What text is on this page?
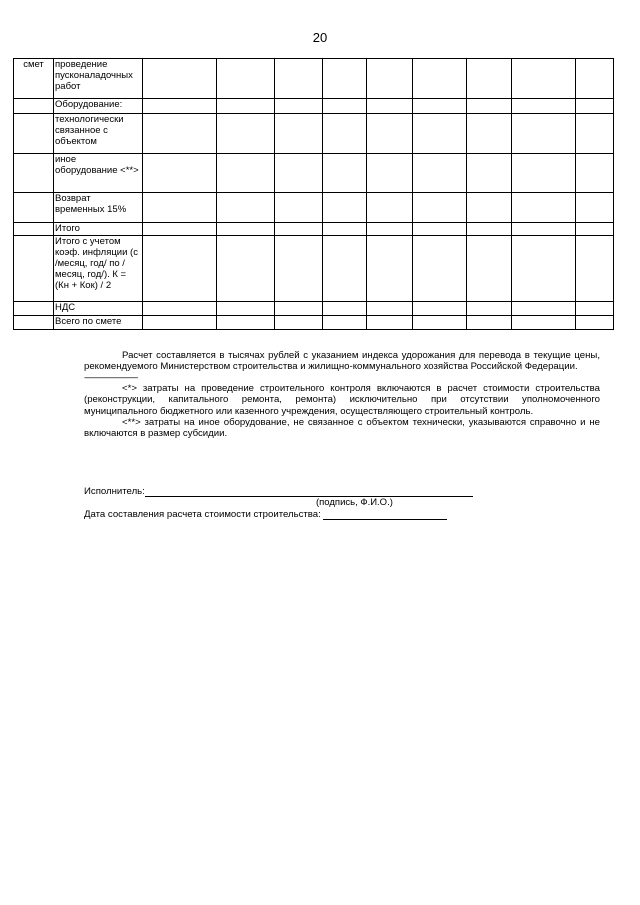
20
смет	проведение пусконаладочных работ									
	Оборудование:									
	технологически связанное с объектом									
	иное оборудование <**>									
	Возврат временных 15%									
	Итого									
	Итого с учетом коэф. инфляции (с /месяц, год/ по /месяц, год/). К = (Кн + Кок) / 2									
	НДС									
	Всего по смете									
Расчет составляется в тысячах рублей с указанием индекса удорожания для перевода в текущие цены, рекомендуемого Министерством строительства и жилищно-коммунального хозяйства Российской Федерации.
--------------------------------
<*> затраты на проведение строительного контроля включаются в расчет стоимости строительства (реконструкции, капитального ремонта, ремонта) исключительно при отсутствии уполномоченного муниципального бюджетного или казенного учреждения, осуществляющего строительный контроль.
<**> затраты на иное оборудование, не связанное с объектом технически, указываются справочно и не включаются в размер субсидии.
Исполнитель:
(подпись, Ф.И.О.)
Дата составления расчета стоимости строительства:
